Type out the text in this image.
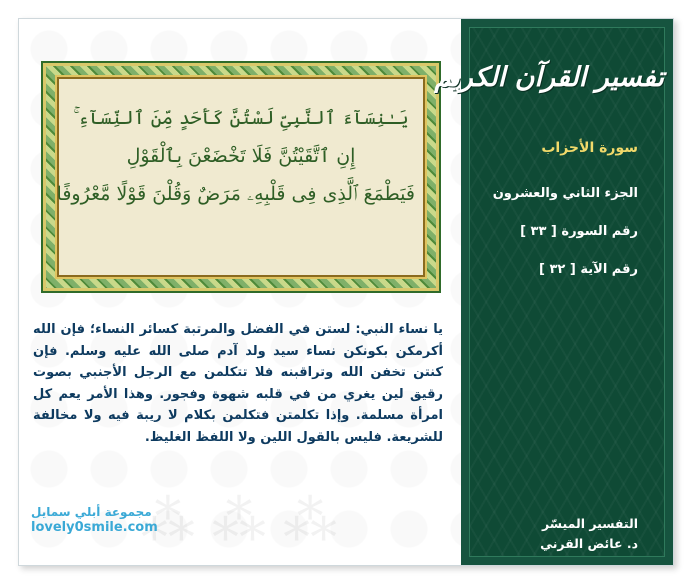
يَـٰنِسَآءَ ٱلنَّبِىِّ لَسْتُنَّ كَأَحَدٍ مِّنَ ٱلنِّسَآءِ ۚ
إِنِ ٱتَّقَيْتُنَّ فَلَا تَخْضَعْنَ بِٱلْقَوْلِ
فَيَطْمَعَ ٱلَّذِى فِى قَلْبِهِۦ مَرَضٌ وَقُلْنَ قَوْلًا مَّعْرُوفًا
يا نساء النبي: لستن في الفضل والمرتبة كسائر النساء؛ فإن الله أكرمكن بكونكن نساء سيد ولد آدم صلى الله عليه وسلم. فإن كنتن تخفن الله وتراقبنه فلا تتكلمن مع الرجل الأجنبي بصوت رقيق لين يغري من في قلبه شهوة وفجور. وهذا الأمر يعم كل امرأة مسلمة. وإذا تكلمتن فتكلمن بكلام لا ريبة فيه ولا مخالفة للشريعة. فليس بالقول اللين ولا اللفظ الغليظ.
⁂ ⁂ ⁂
مجموعة أبلي سمايل
lovely0smile.com
تفسير القرآن الكريم
سورة الأحزاب
الجزء الثاني والعشرون
رقم السورة [ ٣٣ ]
رقم الآية [ ٣٢ ]
التفسير الميسّر
د. عائض القرني
